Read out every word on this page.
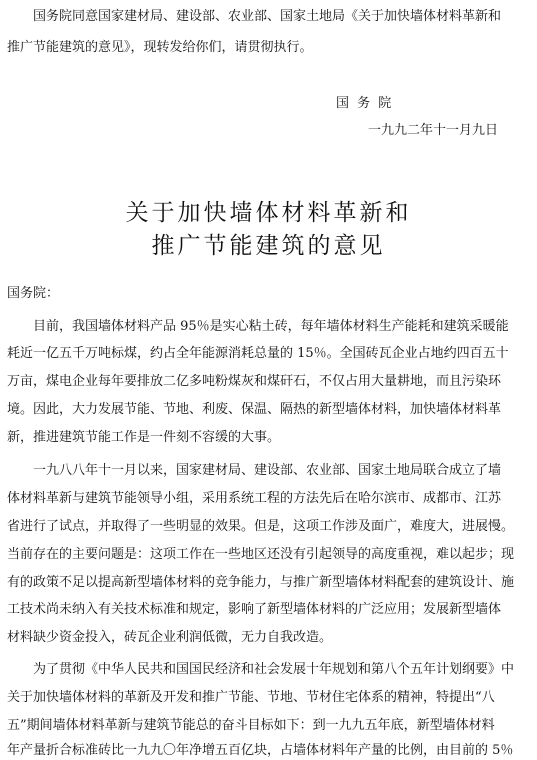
国务院同意国家建材局、建设部、农业部、国家土地局《关于加快墙体材料革新和
推广节能建筑的意见》，现转发给你们，请贯彻执行。
国 务 院
一九九二年十一月九日
关于加快墙体材料革新和
推广节能建筑的意见
国务院：
目前，我国墙体材料产品 95％是实心粘土砖，每年墙体材料生产能耗和建筑采暖能
耗近一亿五千万吨标煤，约占全年能源消耗总量的 15％。全国砖瓦企业占地约四百五十
万亩，煤电企业每年要排放二亿多吨粉煤灰和煤矸石，不仅占用大量耕地，而且污染环
境。因此，大力发展节能、节地、利废、保温、隔热的新型墙体材料，加快墙体材料革
新，推进建筑节能工作是一件刻不容缓的大事。
一九八八年十一月以来，国家建材局、建设部、农业部、国家土地局联合成立了墙
体材料革新与建筑节能领导小组，采用系统工程的方法先后在哈尔滨市、成都市、江苏
省进行了试点，并取得了一些明显的效果。但是，这项工作涉及面广，难度大，进展慢。
当前存在的主要问题是：这项工作在一些地区还没有引起领导的高度重视，难以起步；现
有的政策不足以提高新型墙体材料的竞争能力，与推广新型墙体材料配套的建筑设计、施
工技术尚未纳入有关技术标准和规定，影响了新型墙体材料的广泛应用；发展新型墙体
材料缺少资金投入，砖瓦企业利润低微，无力自我改造。
为了贯彻《中华人民共和国国民经济和社会发展十年规划和第八个五年计划纲要》中
关于加快墙体材料的革新及开发和推广节能、节地、节材住宅体系的精神，特提出“八
五”期间墙体材料革新与建筑节能总的奋斗目标如下：到一九九五年底，新型墙体材料
年产量折合标准砖比一九九〇年净增五百亿块，占墙体材料年产量的比例，由目前的 5％
